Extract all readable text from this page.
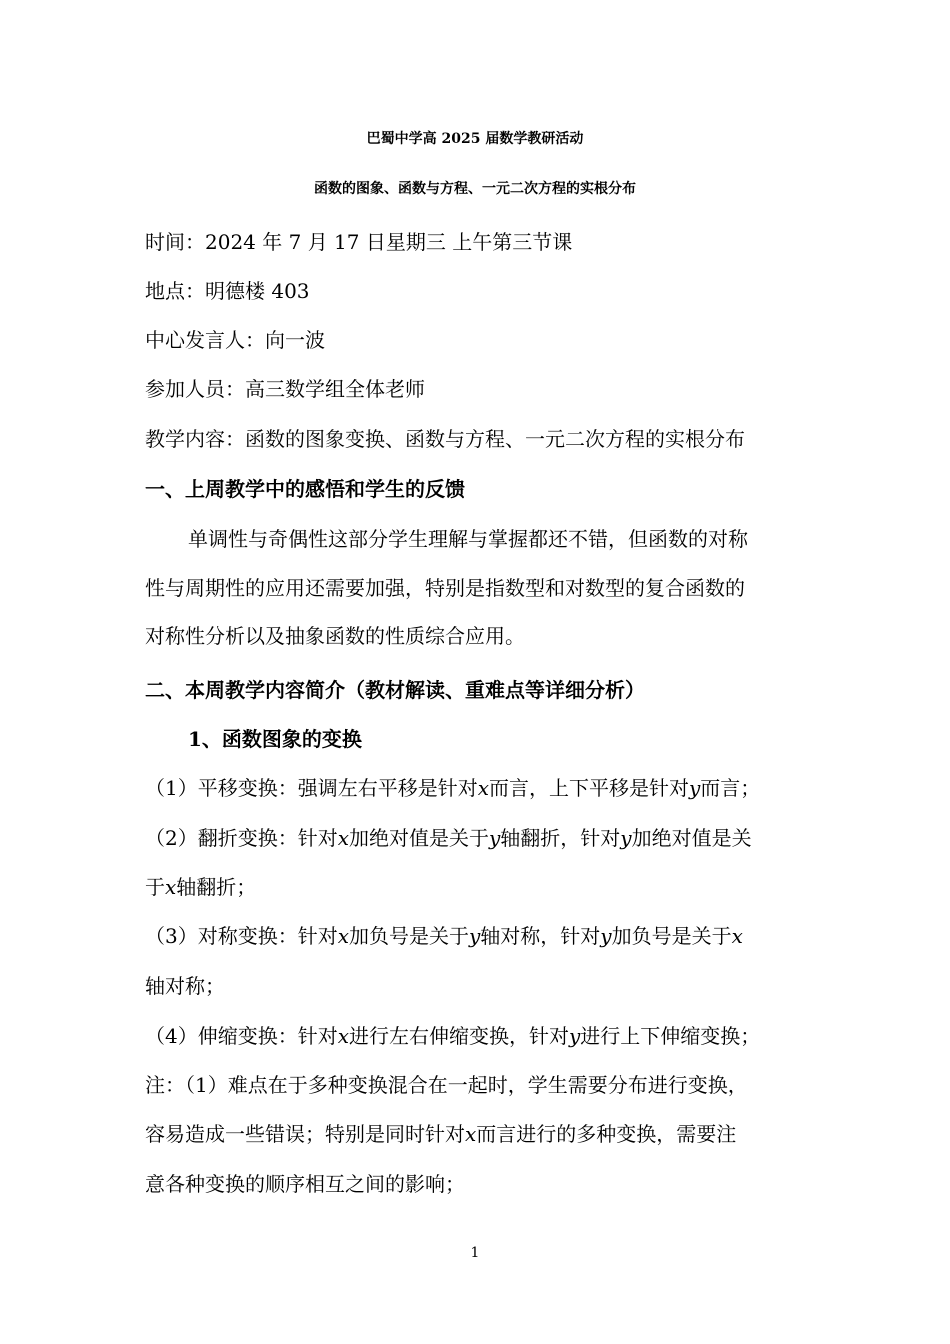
巴蜀中学高 2025 届数学教研活动
函数的图象、函数与方程、一元二次方程的实根分布
时间：2024 年 7 月 17 日星期三 上午第三节课
地点：明德楼 403
中心发言人：向一波
参加人员：高三数学组全体老师
教学内容：函数的图象变换、函数与方程、一元二次方程的实根分布
一、上周教学中的感悟和学生的反馈
单调性与奇偶性这部分学生理解与掌握都还不错，但函数的对称
性与周期性的应用还需要加强，特别是指数型和对数型的复合函数的
对称性分析以及抽象函数的性质综合应用。
二、本周教学内容简介（教材解读、重难点等详细分析）
1、函数图象的变换
（1）平移变换：强调左右平移是针对𝑥而言，上下平移是针对𝑦而言；
（2）翻折变换：针对𝑥加绝对值是关于𝑦轴翻折，针对𝑦加绝对值是关
于𝑥轴翻折；
（3）对称变换：针对𝑥加负号是关于𝑦轴对称，针对𝑦加负号是关于𝑥
轴对称；
（4）伸缩变换：针对𝑥进行左右伸缩变换，针对𝑦进行上下伸缩变换；
注：（1）难点在于多种变换混合在一起时，学生需要分布进行变换，
容易造成一些错误；特别是同时针对𝑥而言进行的多种变换，需要注
意各种变换的顺序相互之间的影响；
1
